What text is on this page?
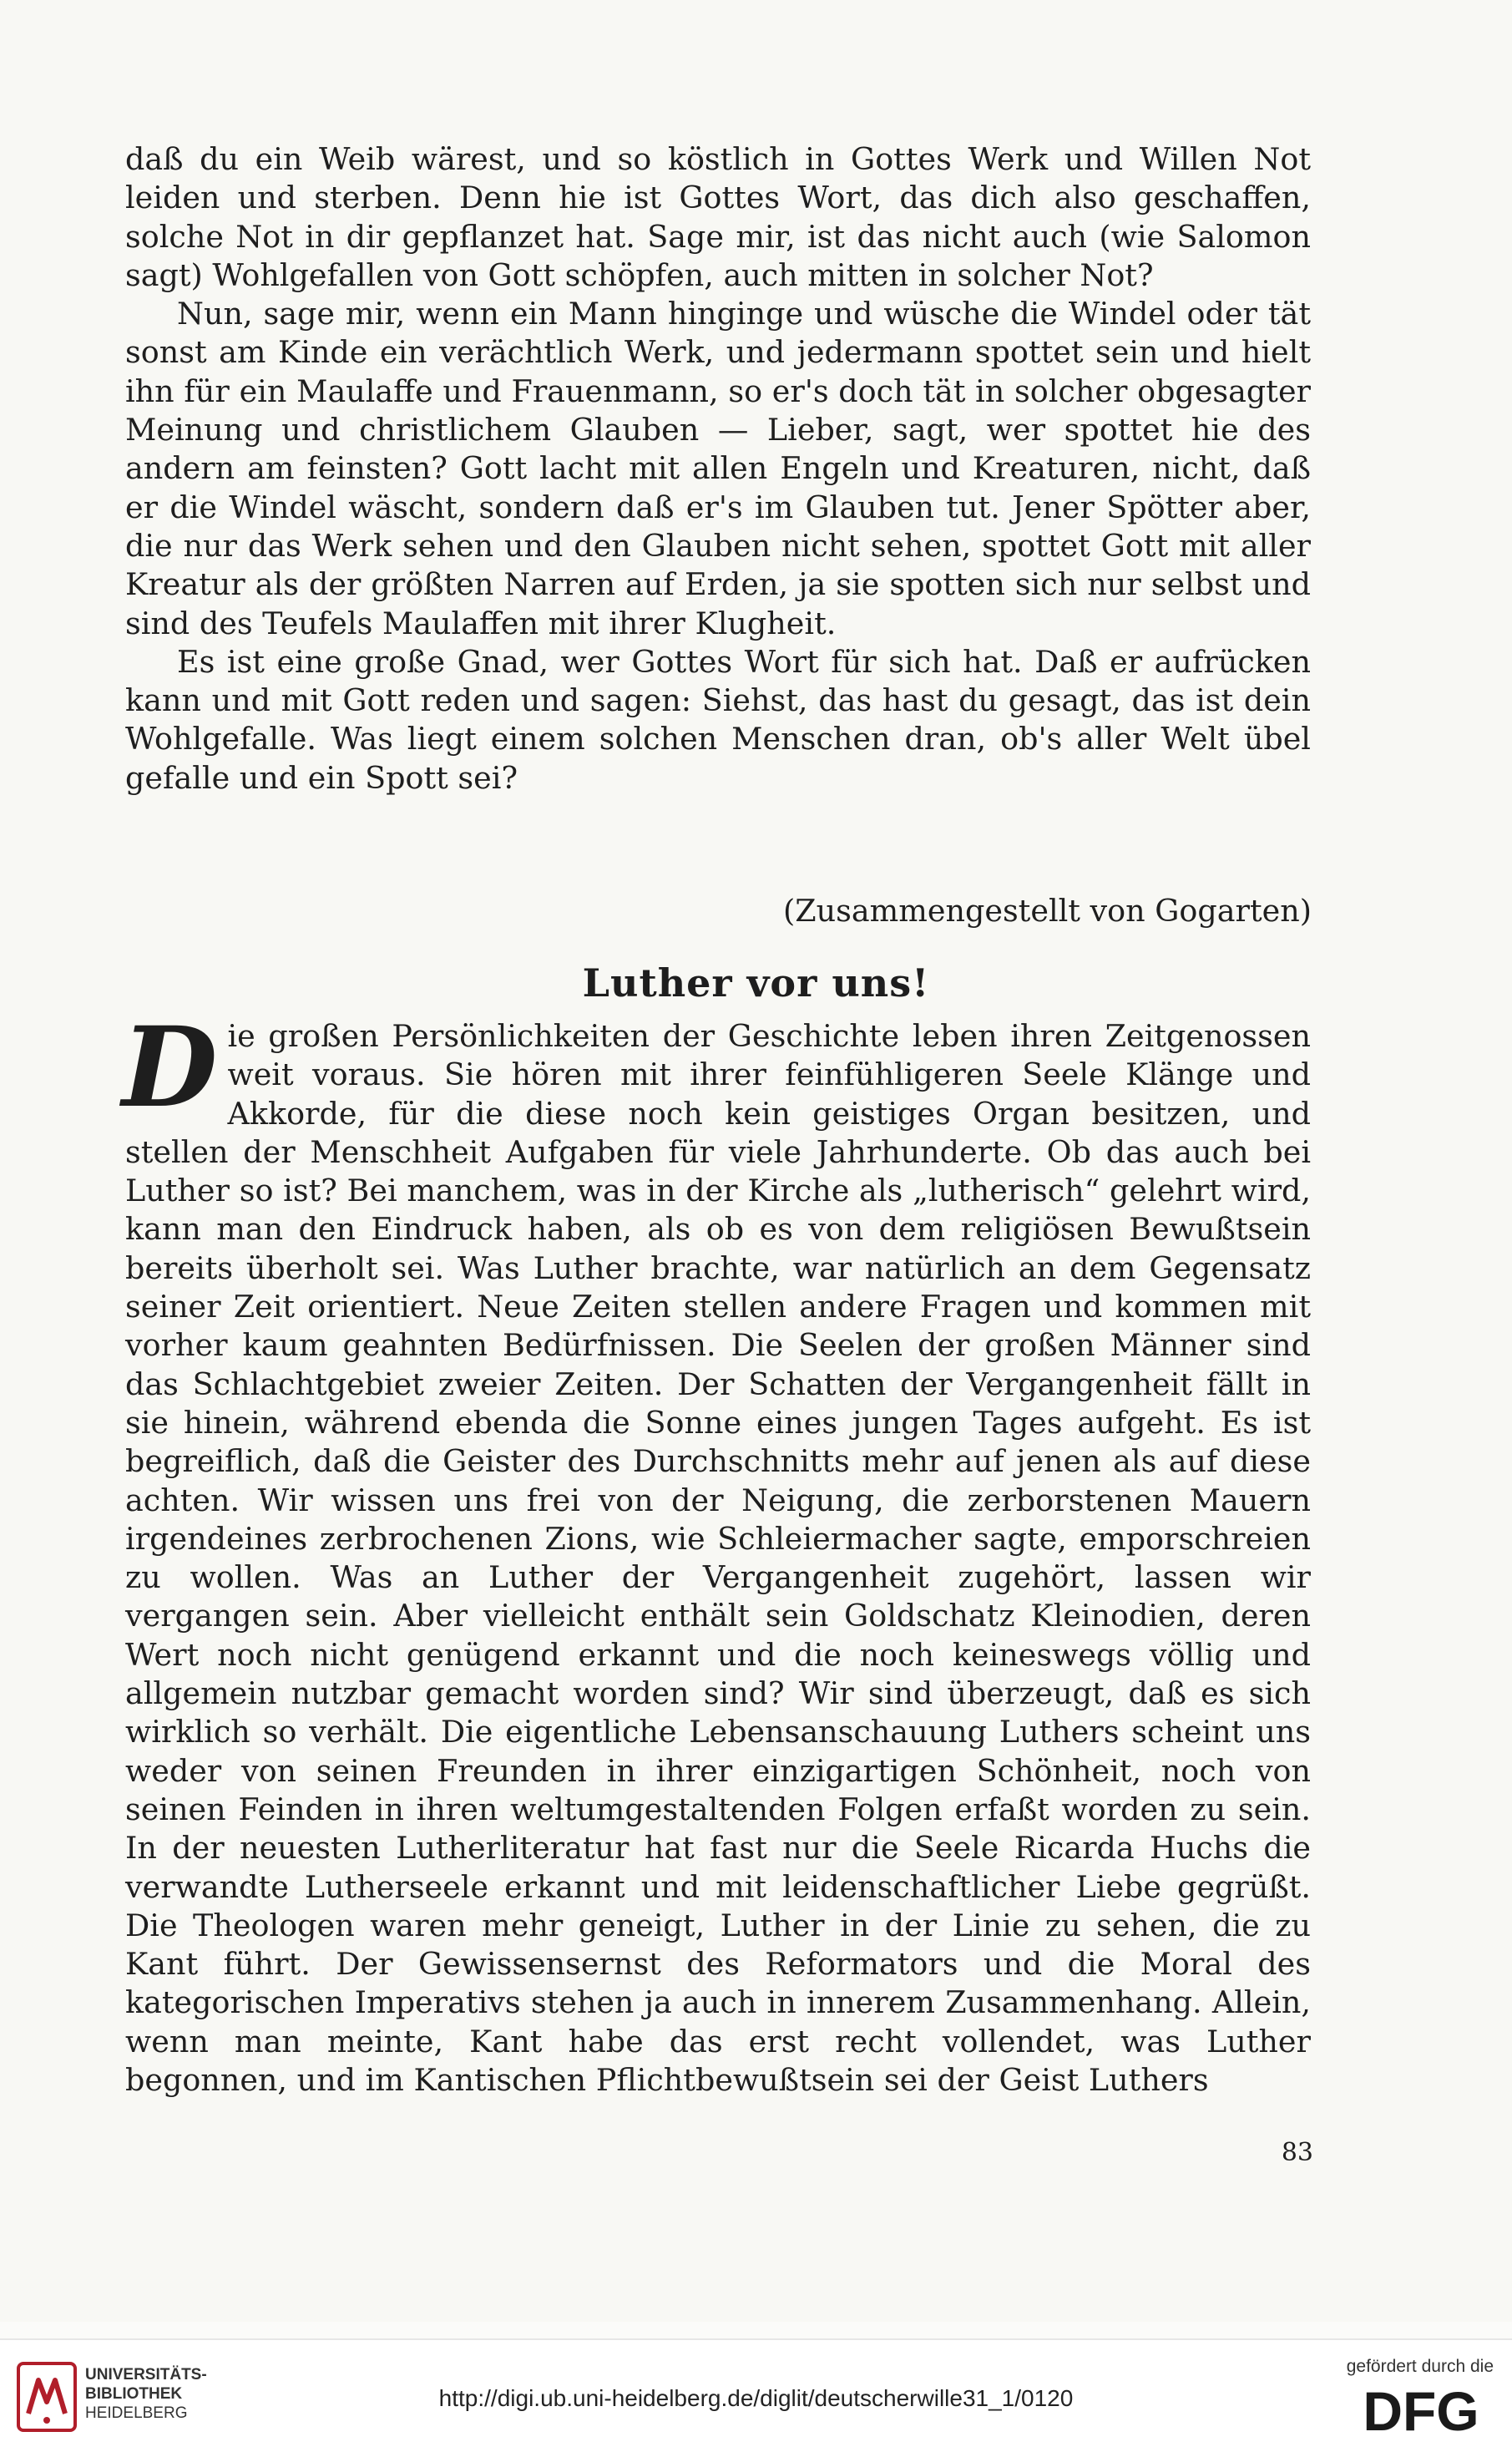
daß du ein Weib wärest, und so köstlich in Gottes Werk und Willen Not leiden und sterben. Denn hie ist Gottes Wort, das dich also geschaffen, solche Not in dir gepflanzet hat. Sage mir, ist das nicht auch (wie Salomon sagt) Wohlgefallen von Gott schöpfen, auch mitten in solcher Not?

Nun, sage mir, wenn ein Mann hinginge und wüsche die Windel oder tät sonst am Kinde ein verächtlich Werk, und jedermann spottet sein und hielt ihn für ein Maulaffe und Frauenmann, so er's doch tät in solcher obgesagter Meinung und christlichem Glauben — Lieber, sagt, wer spottet hie des andern am feinsten? Gott lacht mit allen Engeln und Kreaturen, nicht, daß er die Windel wäscht, sondern daß er's im Glauben tut. Jener Spötter aber, die nur das Werk sehen und den Glauben nicht sehen, spottet Gott mit aller Kreatur als der größten Narren auf Erden, ja sie spotten sich nur selbst und sind des Teufels Maulaffen mit ihrer Klugheit.

Es ist eine große Gnad, wer Gottes Wort für sich hat. Daß er aufrücken kann und mit Gott reden und sagen: Siehst, das hast du gesagt, das ist dein Wohlgefalle. Was liegt einem solchen Menschen dran, ob's aller Welt übel gefalle und ein Spott sei?

(Zusammengestellt von Gogarten)
Luther vor uns!

Die großen Persönlichkeiten der Geschichte leben ihren Zeitgenossen weit voraus. Sie hören mit ihrer feinfühligeren Seele Klänge und Akkorde, für die diese noch kein geistiges Organ besitzen, und stellen der Menschheit Aufgaben für viele Jahrhunderte. Ob das auch bei Luther so ist? Bei manchem, was in der Kirche als „lutherisch“ gelehrt wird, kann man den Eindruck haben, als ob es von dem religiösen Bewußtsein bereits überholt sei. Was Luther brachte, war natürlich an dem Gegensatz seiner Zeit orientiert. Neue Zeiten stellen andere Fragen und kommen mit vorher kaum geahnten Bedürfnissen. Die Seelen der großen Männer sind das Schlachtgebiet zweier Zeiten. Der Schatten der Vergangenheit fällt in sie hinein, während ebenda die Sonne eines jungen Tages aufgeht. Es ist begreiflich, daß die Geister des Durchschnitts mehr auf jenen als auf diese achten. Wir wissen uns frei von der Neigung, die zerborstenen Mauern irgendeines zerbrochenen Zions, wie Schleiermacher sagte, emporschreien zu wollen. Was an Luther der Vergangenheit zugehört, lassen wir vergangen sein. Aber vielleicht enthält sein Goldschatz Kleinodien, deren Wert noch nicht genügend erkannt und die noch keineswegs völlig und allgemein nutzbar gemacht worden sind? Wir sind überzeugt, daß es sich wirklich so verhält. Die eigentliche Lebensanschauung Luthers scheint uns weder von seinen Freunden in ihrer einzigartigen Schönheit, noch von seinen Feinden in ihren weltumgestaltenden Folgen erfaßt worden zu sein. In der neuesten Lutherliteratur hat fast nur die Seele Ricarda Huchs die verwandte Lutherseele erkannt und mit leidenschaftlicher Liebe gegrüßt. Die Theologen waren mehr geneigt, Luther in der Linie zu sehen, die zu Kant führt. Der Gewissensernst des Reformators und die Moral des kategorischen Imperativs stehen ja auch in innerem Zusammenhang. Allein, wenn man meinte, Kant habe das erst recht vollendet, was Luther begonnen, und im Kantischen Pflichtbewußtsein sei der Geist Luthers

83
UNIVERSITÄTS-
BIBLIOTHEK
HEIDELBERG
http://digi.ub.uni-heidelberg.de/diglit/deutscherwille31_1/0120
gefördert durch die
DFG
